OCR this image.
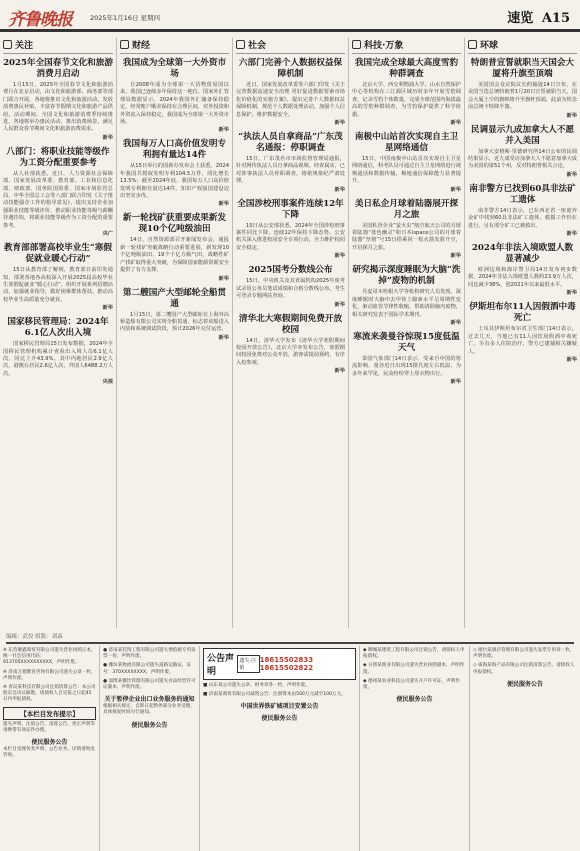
齐鲁晚报	2025年1月16日 星期四	速览 A15
关注
2025年全国春节文化和旅游消费月启动
1月15日，2025年全国春节文化和旅游消费月在北京启动，由文化和旅游部、商务部等部门联合开展，各地将推出文化和旅游活动，发放消费惠民补贴，丰富春节假期文化和旅游产品供给。活动期间，全国文化和旅游消费季持续推进，各地将举办惠民活动，推出消费场景，满足人民群众春节期间文化和旅游消费需求。
新华
八部门：将职业技能等级作为工资分配重要参考
从人社部获悉，近日，人力资源社会保障部、国家发展改革委、教育部、工业和信息化部、财政部、国务院国资委、国家市场监管总局、中华全国总工会等八部门联合印发《关于推动技能强企工作的指导意见》，提出支持企业加强职业技能等级评价，推动职业技能等级与薪酬待遇挂钩，将职业技能等级作为工资分配的重要参考。
央广
教育部部署高校毕业生“寒假促就业暖心行动”
15日从教育部了解到，教育部日前印发通知，部署各地各高校深入开展2025届高校毕业生寒假促就业“暖心行动”，组织开展系列招聘活动，加强就业指导，做好困难群体帮扶，推动高校毕业生高质量充分就业。
新华
国家移民管理局：2024年6.1亿人次出入境
国家移民管理局15日发布数据，2024年全国移民管理机构累计查验出入境人员6.1亿人次，同比上升43.9%。其中内地居民2.9亿人次，港澳台居民2.6亿人次，外国人6488.2万人次。
央视
财经
我国成为全球第一大外资市场
自2008年成为全球第一大货物贸易国以来，我国已连续多年保持这一地位。国家外汇管理局数据显示，2024年我国外汇储备保持稳定，经常账户顺差保持在合理区间，对外投资和外资流入保持稳定，我国成为全球第一大外资市场。
新华
我国每万人口高价值发明专利拥有量达14件
从15日举行的国新办发布会上获悉，2024年我国共授权发明专利104.5万件，同比增长13.5%；截至2024年底，我国每万人口高价值发明专利拥有量达14件，知识产权强国建设迈出坚实步伐。
新华
新一轮找矿获重要成果新发现10个亿吨级油田
14日，自然资源部召开新闻发布会，通报新一轮找矿突破战略行动重要进展，新发现10个亿吨级油田、19个千亿方级气田，战略性矿产找矿取得重大突破，为保障国家能源资源安全提供了有力支撑。
新华
第二艘国产大型邮轮全船贯通
1月15日，第二艘国产大型邮轮在上海外高桥造船有限公司实现全船贯通，标志着该船进入内装和系统调试阶段，预计2026年交付运营。
新华
社会
六部门完善个人数据权益保障机制
近日，国家发展改革委等六部门印发《关于完善数据流通安全治理 更好促进数据要素市场化价值化的实施方案》，提出完善个人数据权益保障机制，规范个人数据处理活动，加强个人信息保护，维护数据安全。
新华
“执法人员自拿商品”广东茂名通报：停职调查
15日，广东茂名市市场监督管理局通报，针对网传执法人员自拿商品视频，经查属实，已对涉事执法人员停职调查，将依规依纪严肃处理。
新华
全国涉校刑事案件连续12年下降
15日从公安部获悉，2024年全国涉校刑事案件同比下降，连续12年保持下降态势。公安机关深入推进校园安全专项行动，全力维护校园安全稳定。
新华
2025国考分数线公布
15日，中央机关及其直属机构2025年度考试录用公务员笔试成绩和合格分数线公布，考生可登录专题网站查询。
新华
清华北大寒假期间免费开放校园
14日，清华大学发布《清华大学寒假期间校园开放公告》，北京大学亦发布公告，寒假期间校园免费对公众开放，游客需提前预约，有序入校参观。
新华
科技·万象
我国完成全球最大高度雪豹种群调查
北京大学、西交利物浦大学、山水自然保护中心等机构在三江源区域历时多年开展雪豹调查，记录雪豹个体数量，完成全球范围内海拔最高的雪豹种群调查，为雪豹保护提供了科学依据。
新华
南极中山站首次实现自主卫星网络通信
15日，中国南极中山站首次实现自主卫星网络通信，科考队员可通过自主卫星网络进行视频通话和数据传输，极地通信保障能力显著提升。
新华
美日私企月球着陆器展开探月之旅
美国私营企业“萤火虫”航空航天公司的月球着陆器“蓝色幽灵”和日本ispace公司的月球着陆器“坚韧”号15日搭乘同一枚火箭发射升空，开启探月之旅。
新华
研究揭示深度睡眠为大脑“洗掉”废物的机制
丹麦哥本哈根大学等机构研究人员发现，深度睡眠时大脑中去甲肾上腺素水平呈周期性变化，驱动血管节律性收缩，帮助清除脑内废物，相关研究发表于国际学术期刊。
新华
寒流来袭曼谷惊现15度低温天气
泰国气象部门14日表示，受来自中国的寒流影响，曼谷近日出现15摄氏度左右低温，为多年来罕见，民众纷纷穿上厚衣物出行。
新华
环球
特朗普宣誓就职当天国会大厦将升旗至顶端
美国国会众议院议长约翰逊14日宣布，在美国当选总统特朗普1月20日宣誓就职当天，国会大厦上空的旗帜将升至旗杆顶端，此前为悼念前总统卡特降半旗。
新华
民调显示九成加拿大人不愿并入美国
加拿大安格斯·里德研究所14日公布的民调结果显示，近九成受访加拿大人不愿意加拿大成为美国的第51个州，反对特朗普相关言论。
新华
南非警方已找到60具非法矿工遗体
南非警方14日表示，已在西北省一座废弃金矿中找到60具非法矿工遗体，救援工作仍在进行，另有部分矿工已被救出。
新华
2024年非法入境欧盟人数显著减少
欧洲边境和海岸警卫局14日发布初步数据，2024年非法入境欧盟人数约23.9万人次，同比减少38%，创2021年以来最低水平。
新华
伊斯坦布尔11人因假酒中毒死亡
土耳其伊斯坦布尔省卫生部门14日表示，过去几天，当地已有11人因饮用假酒中毒死亡，另有多人住院治疗，警方已逮捕相关嫌疑人。
新华
编辑：武佼 组版：刘淼
※ 东营聚鑫商贸有限公司遗失营业执照正本，统一社会信用代码：913705XXXXXXXXXX，声明作废。
※ 济南万德教育咨询有限公司遗失公章一枚，声明作废。
※ 青岛某科技有限公司注销清算公告：本公司股东会决议解散，请债权人自见报之日起45日内申报债权。
【本栏目发布提示】
遗失声明、注销公告、清算公告、更正声明等请携带有效证件办理。
便民服务公告
本栏目受理各类声明、公告业务，详情请致电咨询。
● 济南某装饰工程有限公司遗失增值税专用发票一份，声明作废。
● 潍坊某物流有限公司遗失道路运输证，证号：370XXXXXXXX，声明作废。
● 淄博某餐饮管理有限公司遗失食品经营许可证副本，声明作废。
关于暂停企业出口业务服务的通知
根据相关规定，自即日起暂停部分业务受理，具体恢复时间另行通知。
便民服务公告
公告声明
遗失·注销
18615502833 18615502822
■ 山东某公司遗失公章、财务章各一枚，声明作废。
■ 济南某商贸有限公司减资公告：注册资本由500万元减至100万元。
中国世界铁矿城项目安置公告
便民服务公告
◆ 聊城某建筑工程有限公司注销公告，请债权人申报债权。
◆ 日照某渔业有限公司遗失营业执照副本，声明作废。
◆ 德州某农业科技公司遗失开户许可证，声明作废。
便民服务公告
◇ 烟台某酒店管理有限公司遗失发票专用章一枚，声明作废。
◇ 威海某海产品有限公司注销清算公告，请债权人申报债权。
便民服务公告
